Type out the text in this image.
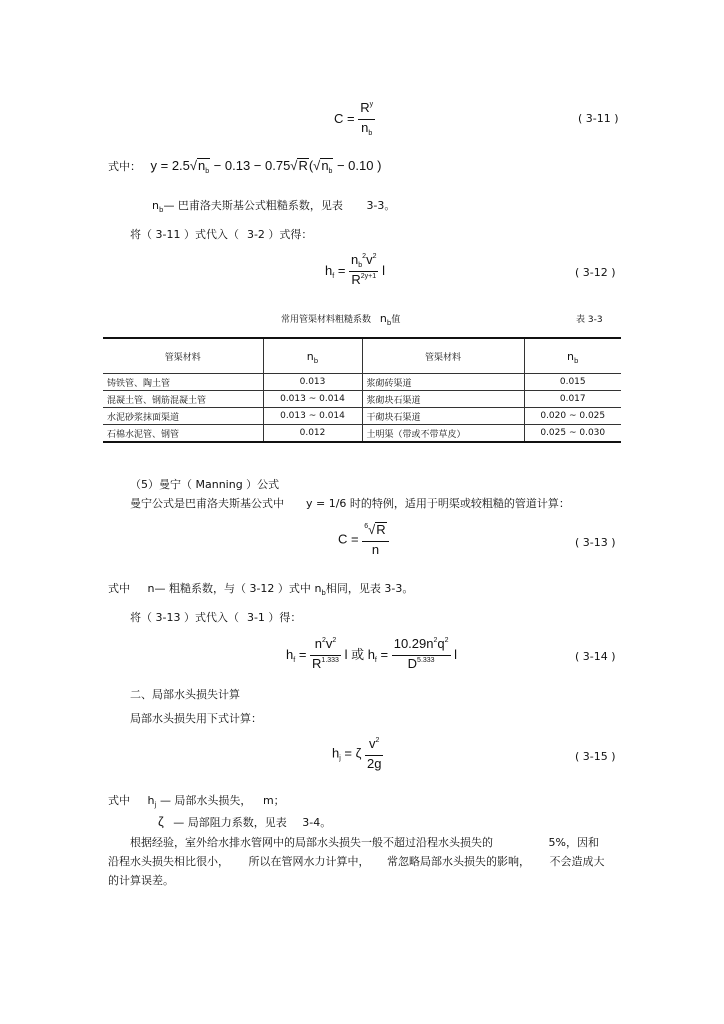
$C = \frac{R^y}{n_b}$	( 3-11 )
式中： $y = 2.5√n_b - 0.13 - 0.75√R(√n_b - 0.10$ )
$n_b—$ 巴甫洛夫斯基公式粗糙系数，见表 3-3。
将（ 3-11 ）式代入（ 3-2 ）式得：
$h_f = \frac{n_b^2v^2}{R^{2y+1}}$ l	( 3-12 )
常用管渠材料粗糙系数 $n_b$值	表 3-3
管渠材料	$n_b$	管渠材料	$n_b$
铸铁管、陶土管	0.013	浆砌砖渠道	0.015
混凝土管、钢筋混凝土管	0.013 ~ 0.014	浆砌块石渠道	0.017
水泥砂浆抹面渠道	0.013 ~ 0.014	干砌块石渠道	0.020 ~ 0.025
石棉水泥管、钢管	0.012	土明渠（带或不带草皮）	0.025 ~ 0.030
（5）曼宁（ Manning ）公式
曼宁公式是巴甫洛夫斯基公式中 y = 1/6 时的特例，适用于明渠或较粗糙的管道计算：
$C = \frac{^6√R}{n}$	( 3-13 )
式中 n— 粗糙系数，与（ 3-12 ）式中 $n_b$相同，见表 3-3。
将（ 3-13 ）式代入（ 3-1 ）得：
$h_f = \frac{n^2v^2}{R^{1.333}}$ l 或 $h_f = \frac{10.29n^2q^2}{D^{5.333}}$ l	( 3-14 )
二、局部水头损失计算
局部水头损失用下式计算：
$h_j = \zeta \frac{v^2}{2g}$	( 3-15 )
式中 $h_j$ — 局部水头损失， m；
ζ — 局部阻力系数，见表 3-4。
根据经验，室外给水排水管网中的局部水头损失一般不超过沿程水头损失的	5%，因和
沿程水头损失相比很小， 所以在管网水力计算中， 常忽略局部水头损失的影响， 不会造成大
的计算误差。
